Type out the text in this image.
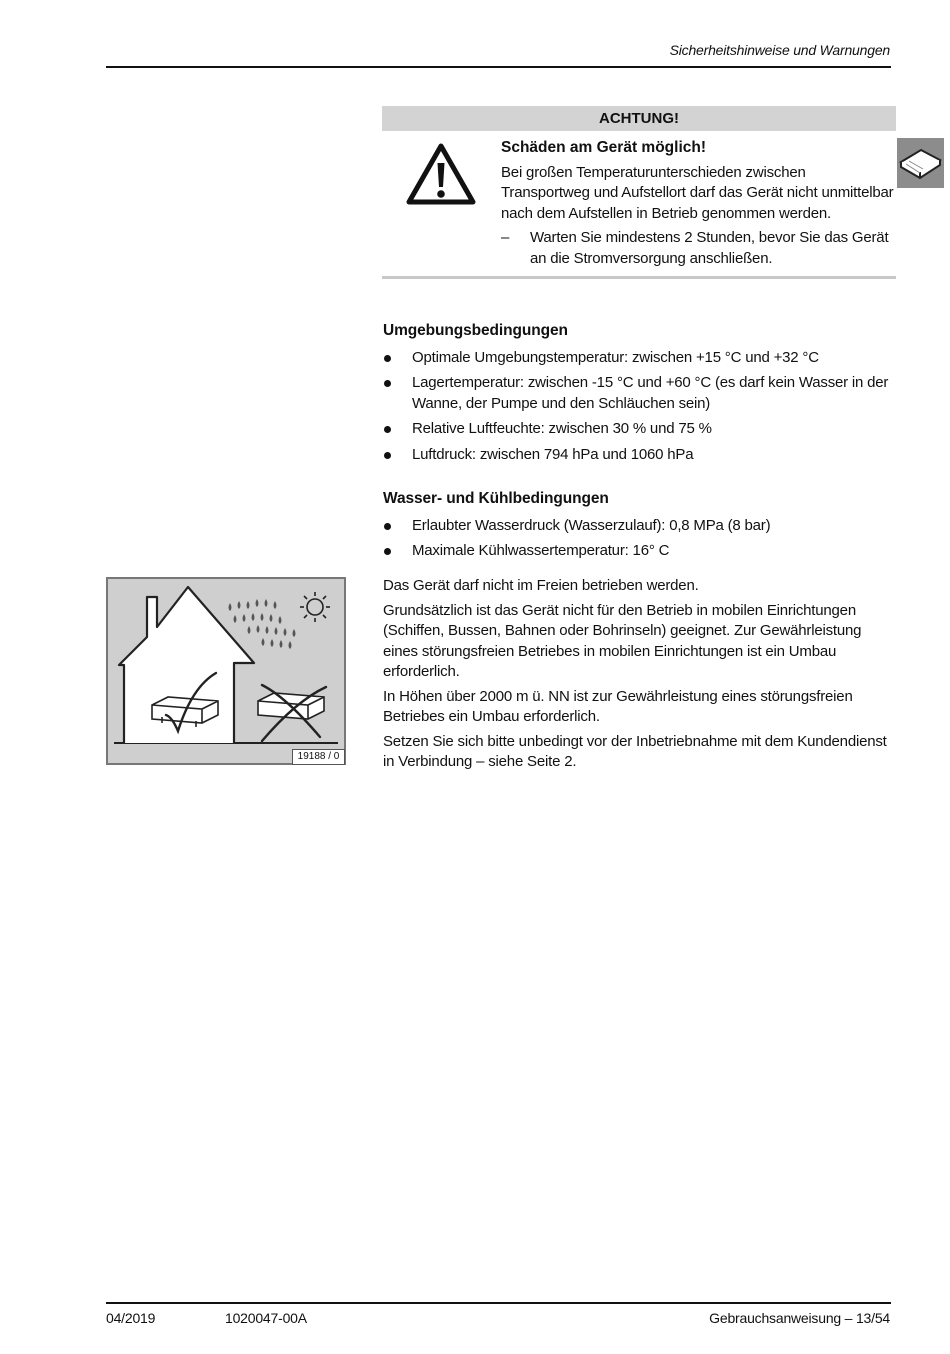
Sicherheitshinweise und Warnungen
ACHTUNG!
Schäden am Gerät möglich!

Bei großen Temperaturunterschieden zwischen Transportweg und Aufstellort darf das Gerät nicht unmittelbar nach dem Aufstellen in Betrieb genommen werden.

–	Warten Sie mindestens 2 Stunden, bevor Sie das Gerät an die Stromversorgung anschließen.
Umgebungsbedingungen
Optimale Umgebungstemperatur: zwischen +15 °C und +32 °C
Lagertemperatur: zwischen -15 °C und +60 °C (es darf kein Wasser in der Wanne, der Pumpe und den Schläuchen sein)
Relative Luftfeuchte: zwischen 30 % und 75 %
Luftdruck: zwischen 794 hPa und 1060 hPa
Wasser- und Kühlbedingungen
Erlaubter Wasserdruck (Wasserzulauf): 0,8 MPa (8 bar)
Maximale Kühlwassertemperatur: 16° C

Das Gerät darf nicht im Freien betrieben werden.

Grundsätzlich ist das Gerät nicht für den Betrieb in mobilen Einrichtungen (Schiffen, Bussen, Bahnen oder Bohrinseln) geeignet. Zur Gewährleistung eines störungsfreien Betriebes in mobilen Einrichtungen ist ein Umbau erforderlich.

In Höhen über 2000 m ü. NN ist zur Gewährleistung eines störungsfreien Betriebes ein Umbau erforderlich.

Setzen Sie sich bitte unbedingt vor der Inbetriebnahme mit dem Kundendienst in Verbindung – siehe Seite 2.

19188 / 0
04/2019	1020047-00A	Gebrauchsanweisung – 13/54
